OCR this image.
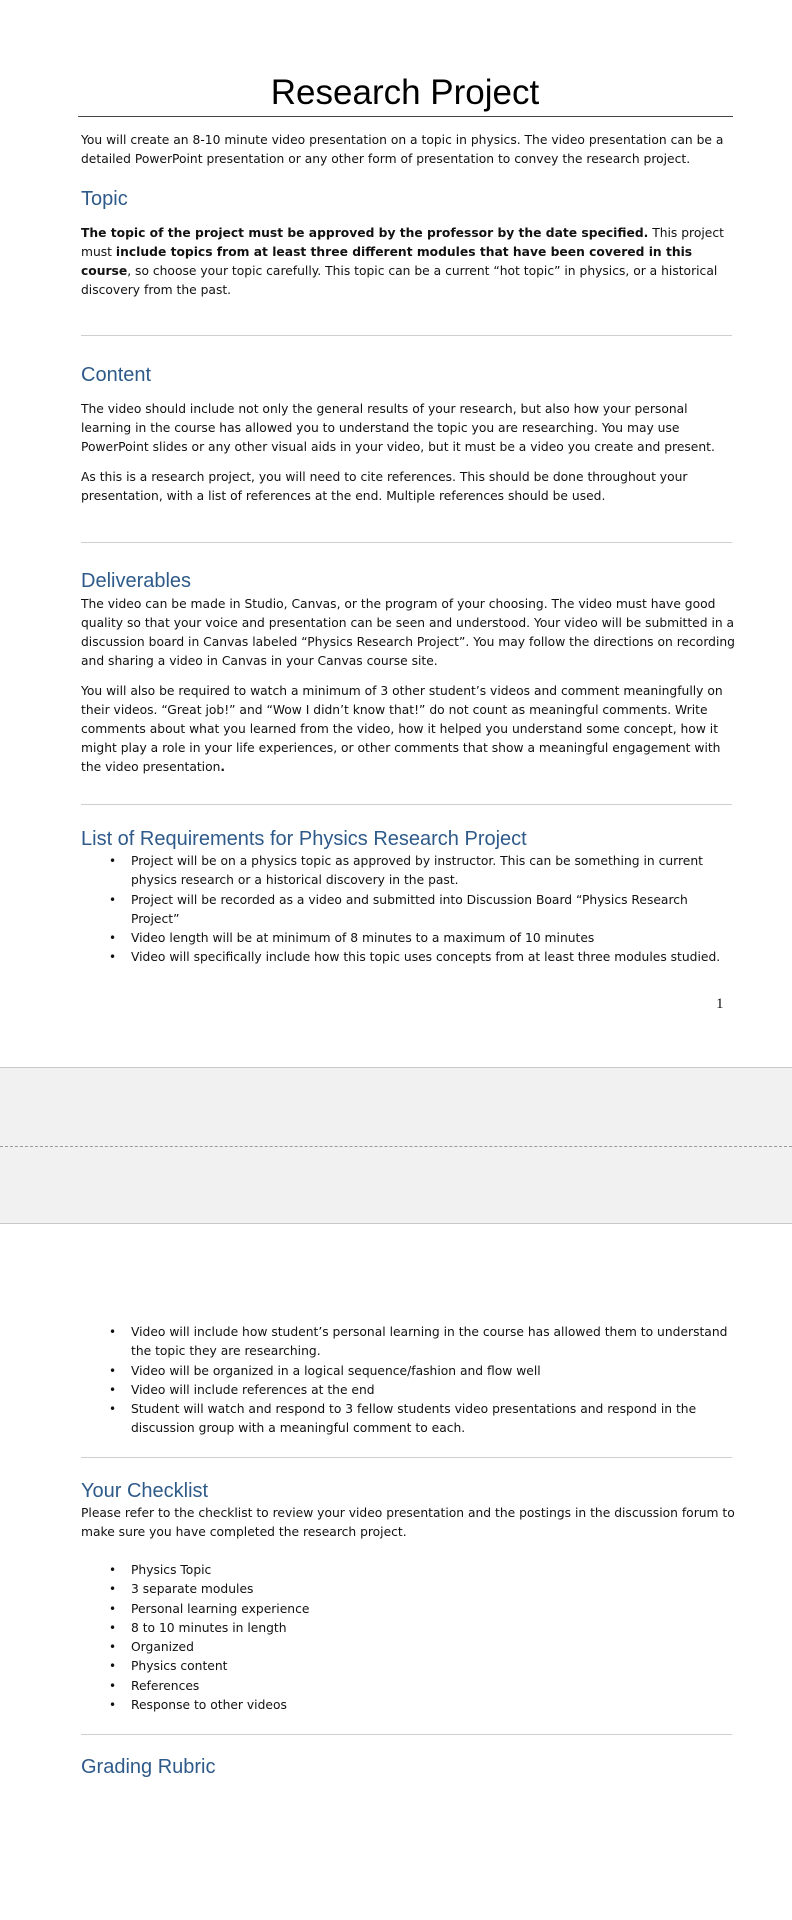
Research Project

You will create an 8-10 minute video presentation on a topic in physics. The video presentation can be a detailed PowerPoint presentation or any other form of presentation to convey the research project.

Topic

The topic of the project must be approved by the professor by the date specified. This project must include topics from at least three different modules that have been covered in this course, so choose your topic carefully. This topic can be a current “hot topic” in physics, or a historical discovery from the past.

Content

The video should include not only the general results of your research, but also how your personal learning in the course has allowed you to understand the topic you are researching. You may use PowerPoint slides or any other visual aids in your video, but it must be a video you create and present.

As this is a research project, you will need to cite references. This should be done throughout your presentation, with a list of references at the end. Multiple references should be used.

Deliverables

The video can be made in Studio, Canvas, or the program of your choosing. The video must have good quality so that your voice and presentation can be seen and understood. Your video will be submitted in a discussion board in Canvas labeled “Physics Research Project”. You may follow the directions on recording and sharing a video in Canvas in your Canvas course site.

You will also be required to watch a minimum of 3 other student’s videos and comment meaningfully on their videos. “Great job!” and “Wow I didn’t know that!” do not count as meaningful comments. Write comments about what you learned from the video, how it helped you understand some concept, how it might play a role in your life experiences, or other comments that show a meaningful engagement with the video presentation.

List of Requirements for Physics Research Project
• Project will be on a physics topic as approved by instructor. This can be something in current physics research or a historical discovery in the past.
• Project will be recorded as a video and submitted into Discussion Board “Physics Research Project”
• Video length will be at minimum of 8 minutes to a maximum of 10 minutes
• Video will specifically include how this topic uses concepts from at least three modules studied.
1
• Video will include how student’s personal learning in the course has allowed them to understand the topic they are researching.
• Video will be organized in a logical sequence/fashion and flow well
• Video will include references at the end
• Student will watch and respond to 3 fellow students video presentations and respond in the discussion group with a meaningful comment to each.
Your Checklist

Please refer to the checklist to review your video presentation and the postings in the discussion forum to make sure you have completed the research project.

• Physics Topic
• 3 separate modules
• Personal learning experience
• 8 to 10 minutes in length
• Organized
• Physics content
• References
• Response to other videos
Grading Rubric
